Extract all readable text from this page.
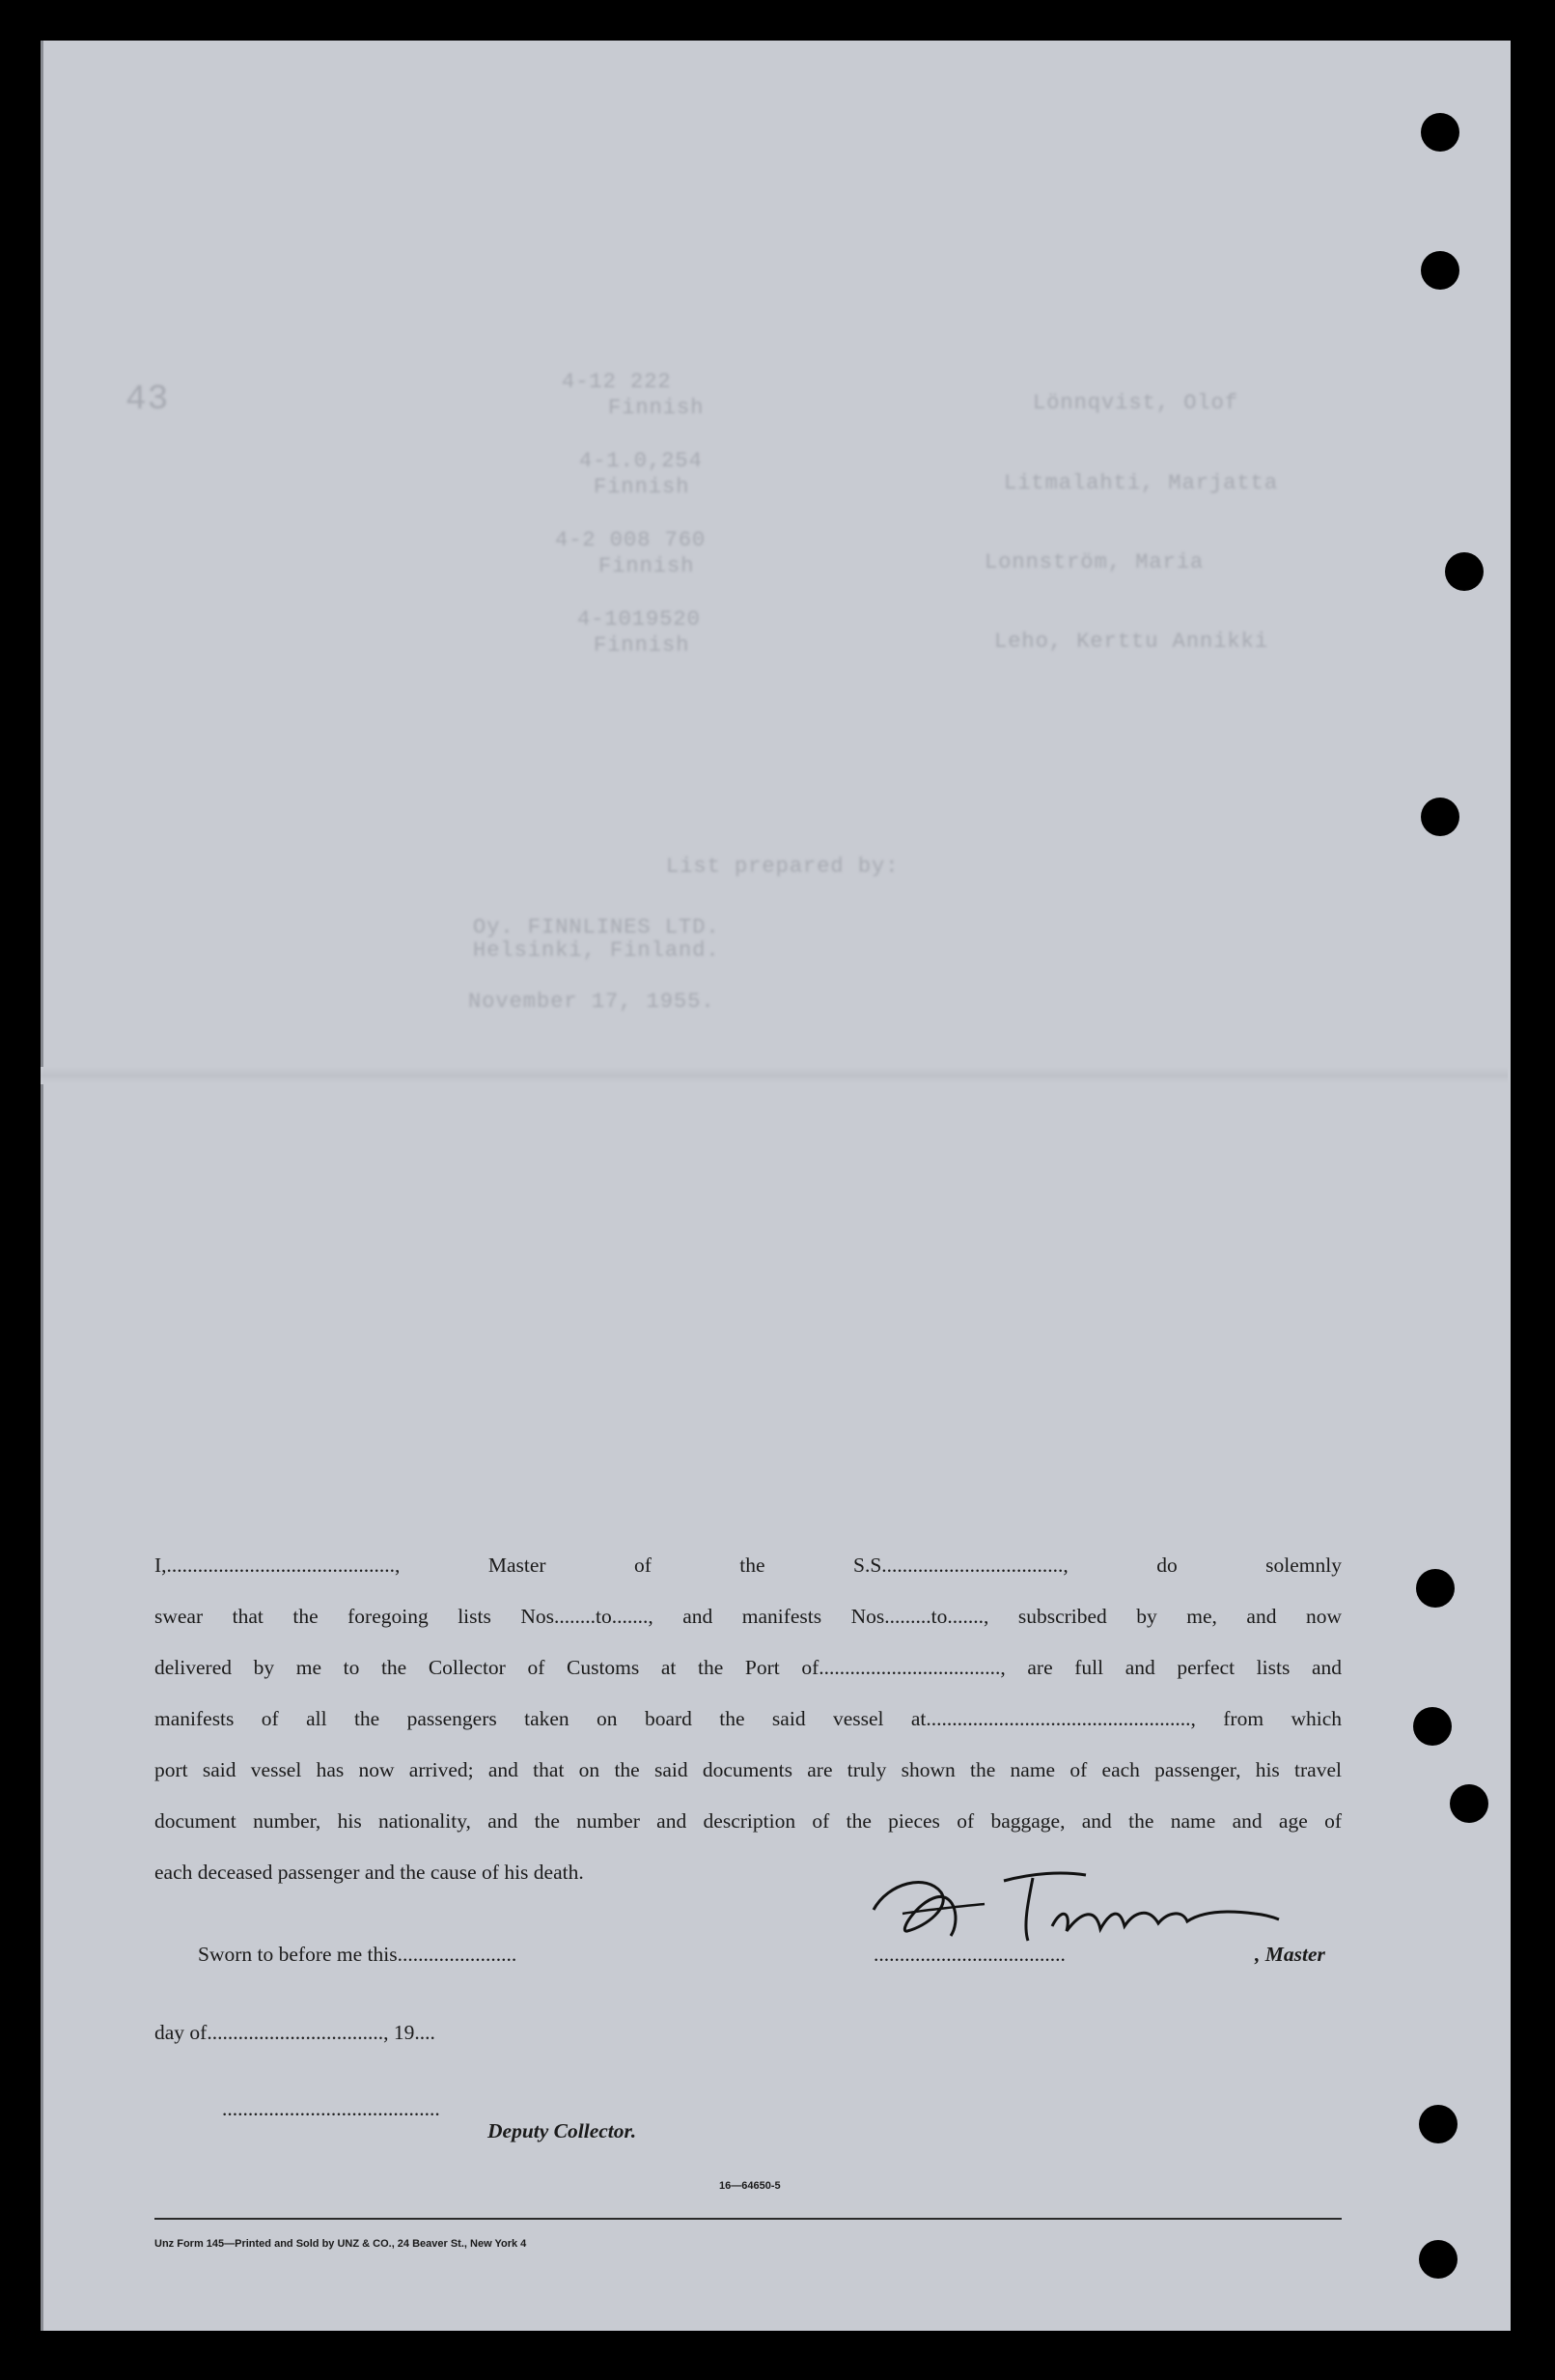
43	Lönnqvist, Olof
4-12 222
Finnish
Litmalahti, Marjatta
4-1.0,254
Finnish
Lonnström, Maria
4-2 008 760
Finnish
Leho, Kerttu Annikki
4-1019520
Finnish
List prepared by:
Oy. FINNLINES LTD.
Helsinki, Finland.
November 17, 1955.

I,............................................, Master of the S.S..................................., do solemnly

swear that the foregoing lists Nos........to......., and manifests Nos.........to......., subscribed by me, and now

delivered by me to the Collector of Customs at the Port of..................................., are full and perfect lists and

manifests of all the passengers taken on board the said vessel at..................................................., from which

port said vessel has now arrived; and that on the said documents are truly shown the name of each passenger, his travel

document number, his nationality, and the number and description of the pieces of baggage, and the name and age of

each deceased passenger and the cause of his death.

Sworn to before me this.......................
day of.................................., 19....
..........................................
Deputy Collector.
.....................................	, Master
16—64650-5
Unz Form 145—Printed and Sold by UNZ & CO., 24 Beaver St., New York 4
